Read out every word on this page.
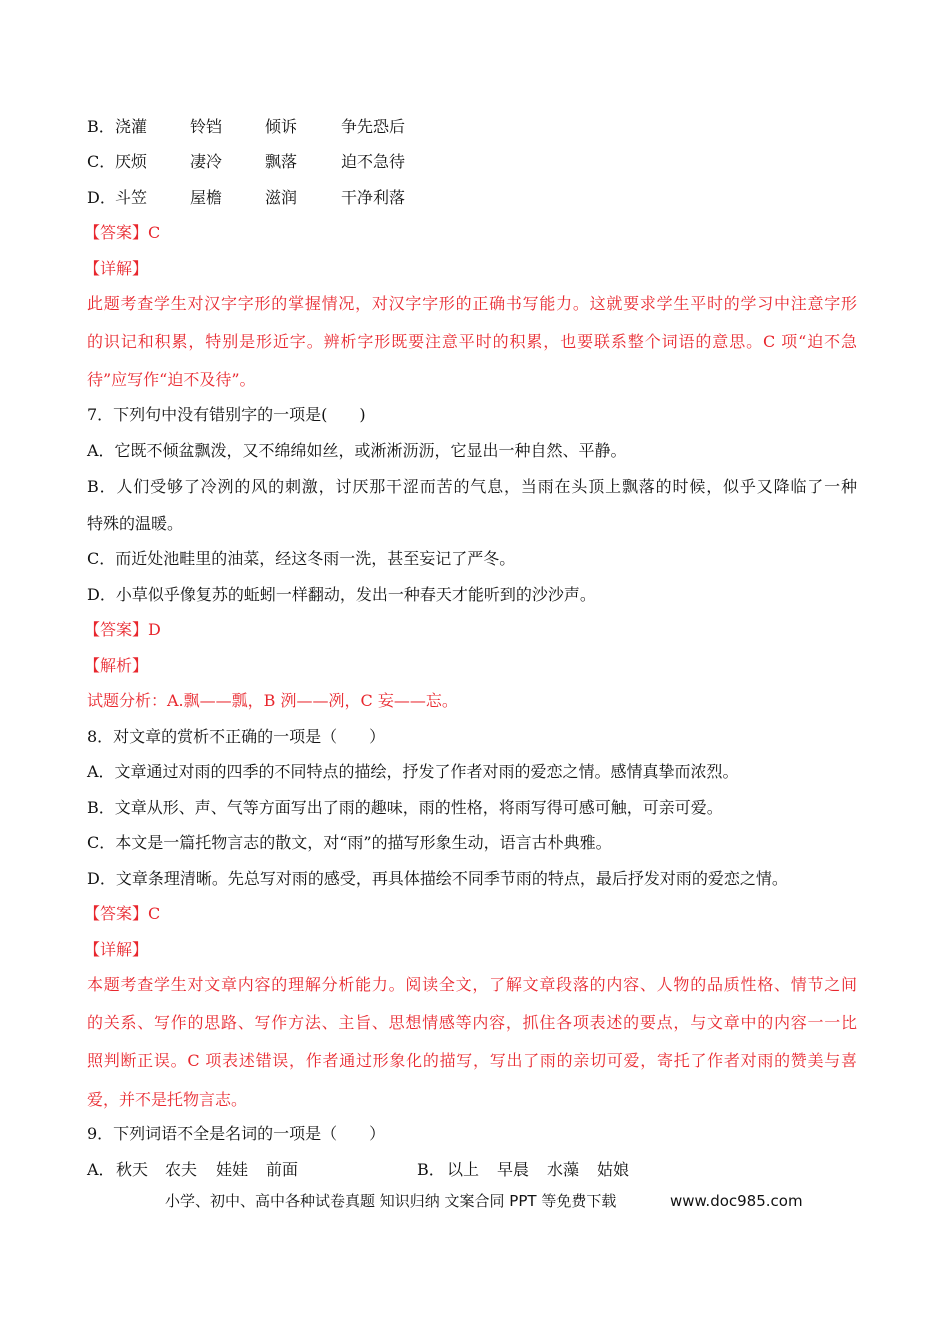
B． 浇灌	铃铛	倾诉	争先恐后
C． 厌烦	凄冷	飘落	迫不急待
D． 斗笠	屋檐	滋润	干净利落
【答案】C
【详解】
此题考查学生对汉字字形的掌握情况，对汉字字形的正确书写能力。这就要求学生平时的学习中注意字形
的识记和积累，特别是形近字。辨析字形既要注意平时的积累，也要联系整个词语的意思。C 项“迫不急
待”应写作“迫不及待”。
7．下列句中没有错别字的一项是(　　)
A．它既不倾盆飘泼，又不绵绵如丝，或淅淅沥沥，它显出一种自然、平静。
B．人们受够了冷洌的风的刺激，讨厌那干涩而苦的气息，当雨在头顶上飘落的时候，似乎又降临了一种
特殊的温暖。
C．而近处池畦里的油菜，经这冬雨一洗，甚至妄记了严冬。
D．小草似乎像复苏的蚯蚓一样翻动，发出一种春天才能听到的沙沙声。
【答案】D
【解析】
试题分析：A.飘——瓢，B 洌——冽，C 妄——忘。
8．对文章的赏析不正确的一项是（　　）
A．文章通过对雨的四季的不同特点的描绘，抒发了作者对雨的爱恋之情。感情真挚而浓烈。
B．文章从形、声、气等方面写出了雨的趣味，雨的性格，将雨写得可感可触，可亲可爱。
C．本文是一篇托物言志的散文，对“雨”的描写形象生动，语言古朴典雅。
D．文章条理清晰。先总写对雨的感受，再具体描绘不同季节雨的特点，最后抒发对雨的爱恋之情。
【答案】C
【详解】
本题考查学生对文章内容的理解分析能力。阅读全文，了解文章段落的内容、人物的品质性格、情节之间
的关系、写作的思路、写作方法、主旨、思想情感等内容，抓住各项表述的要点，与文章中的内容一一比
照判断正误。C 项表述错误，作者通过形象化的描写，写出了雨的亲切可爱，寄托了作者对雨的赞美与喜
爱，并不是托物言志。
9．下列词语不全是名词的一项是（　　）
A． 秋天 农夫 娃娃 前面	B． 以上 早晨 水藻 姑娘
小学、初中、高中各种试卷真题 知识归纳 文案合同 PPT 等免费下载	www.doc985.com
